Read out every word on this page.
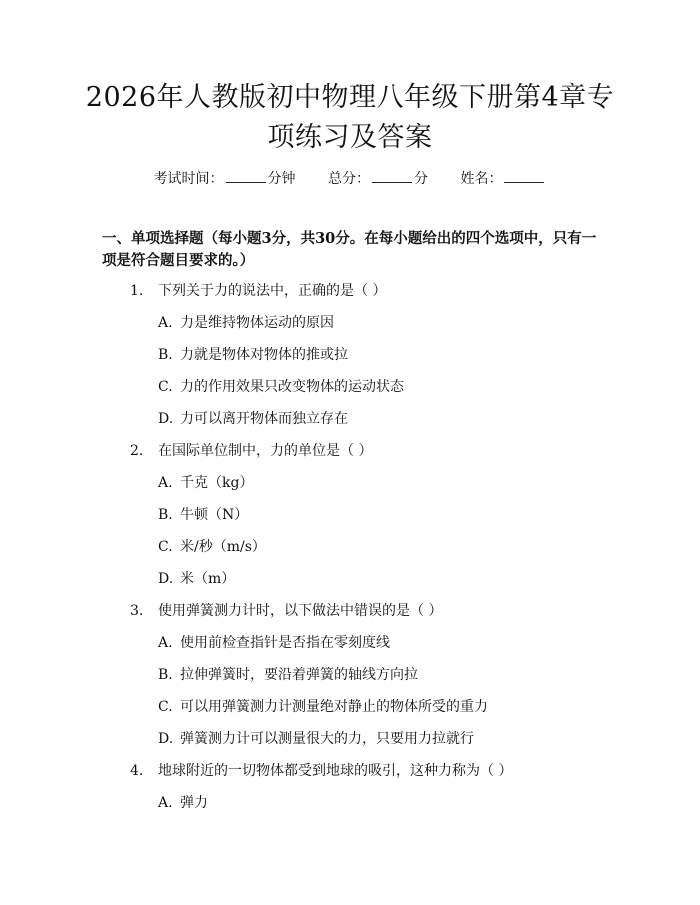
2026年人教版初中物理八年级下册第4章专
项练习及答案
考试时间：	分钟 总分：	分 姓名：
一、单项选择题（每小题3分，共30分。在每小题给出的四个选项中，只有一项是符合题目要求的。）
1. 下列关于力的说法中，正确的是（ ）
A. 力是维持物体运动的原因
B. 力就是物体对物体的推或拉
C. 力的作用效果只改变物体的运动状态
D. 力可以离开物体而独立存在
2. 在国际单位制中，力的单位是（ ）
A. 千克（kg）
B. 牛顿（N）
C. 米/秒（m/s）
D. 米（m）
3. 使用弹簧测力计时，以下做法中错误的是（ ）
A. 使用前检查指针是否指在零刻度线
B. 拉伸弹簧时，要沿着弹簧的轴线方向拉
C. 可以用弹簧测力计测量绝对静止的物体所受的重力
D. 弹簧测力计可以测量很大的力，只要用力拉就行
4. 地球附近的一切物体都受到地球的吸引，这种力称为（ ）
A. 弹力
